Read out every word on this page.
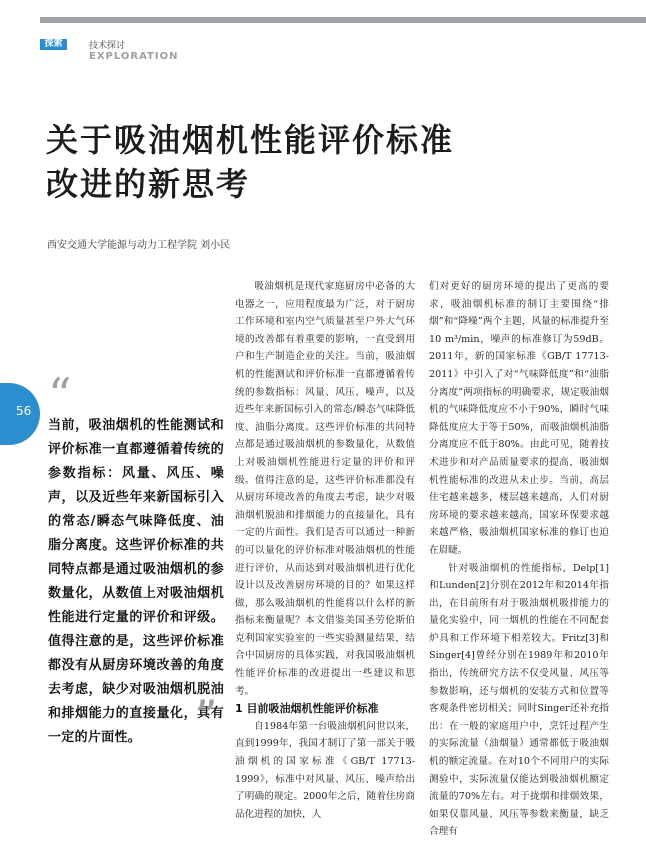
探索	技术探讨
EXPLORATION
关于吸油烟机性能评价标准
改进的新思考
西安交通大学能源与动力工程学院 刘小民
56 “

当前，吸油烟机的性能测试和评价标准一直都遵循着传统的参数指标：风量、风压、噪声，以及近些年来新国标引入的常态/瞬态气味降低度、油脂分离度。这些评价标准的共同特点都是通过吸油烟机的参数量化，从数值上对吸油烟机性能进行定量的评价和评级。值得注意的是，这些评价标准都没有从厨房环境改善的角度去考虑，缺少对吸油烟机脱油和排烟能力的直接量化，具有一定的片面性。	”

吸油烟机是现代家庭厨房中必备的大电器之一，应用程度最为广泛，对于厨房工作环境和室内空气质量甚至户外大气环境的改善都有着重要的影响，一直受到用户和生产制造企业的关注。当前，吸油烟机的性能测试和评价标准一直都遵循着传统的参数指标：风量、风压、噪声，以及近些年来新国标引入的常态/瞬态气味降低度、油脂分离度。这些评价标准的共同特点都是通过吸油烟机的参数量化，从数值上对吸油烟机性能进行定量的评价和评级。值得注意的是，这些评价标准都没有从厨房环境改善的角度去考虑，缺少对吸油烟机脱油和排烟能力的直接量化，具有一定的片面性。我们是否可以通过一种新的可以量化的评价标准对吸油烟机的性能进行评价，从而达到对吸油烟机进行优化设计以及改善厨房环境的目的？如果这样做，那么吸油烟机的性能将以什么样的新指标来衡量呢？本文借鉴美国圣劳伦斯伯克利国家实验室的一些实验测量结果，结合中国厨房的具体实践，对我国吸油烟机性能评价标准的改进提出一些建议和思考。

1 目前吸油烟机性能评价标准

自1984年第一台吸油烟机问世以来，直到1999年，我国才制订了第一部关于吸油烟机的国家标准《GB/T 17713-1999》，标准中对风量、风压、噪声给出了明确的规定。2000年之后，随着住房商品化进程的加快，人

们对更好的厨房环境的提出了更高的要求，吸油烟机标准的制订主要围绕“排烟”和“降噪”两个主题，风量的标准提升至10 m³/min，噪声的标准修订为59dB。2011年，新的国家标准《GB/T 17713-2011》中引入了对“气味降低度”和“油脂分离度”两项指标的明确要求，规定吸油烟机的气味降低度应不小于90%，瞬时气味降低度应大于等于50%，而吸油烟机油脂分离度应不低于80%。由此可见，随着技术进步和对产品质量要求的提高，吸油烟机性能标准的改进从未止步。当前，高层住宅越来越多，楼层越来越高，人们对厨房环境的要求越来越高，国家环保要求越来越严格，吸油烟机国家标准的修订也迫在眉睫。

针对吸油烟机的性能指标，Delp[1]和Lunden[2]分别在2012年和2014年指出，在目前所有对于吸油烟机吸排能力的量化实验中，同一烟机的性能在不同配套炉具和工作环境下相差较大。Fritz[3]和Singer[4]曾经分别在1989年和2010年指出，传统研究方法不仅受风量、风压等参数影响，还与烟机的安装方式和位置等客观条件密切相关；同时Singer还补充指出：在一般的家庭用户中，烹饪过程产生的实际流量（油烟量）通常都低于吸油烟机的额定流量。在对10个不同用户的实际测验中，实际流量仅能达到吸油烟机额定流量的70%左右。对于拢烟和排烟效果，如果仅靠风量、风压等参数来衡量，缺乏合理有
